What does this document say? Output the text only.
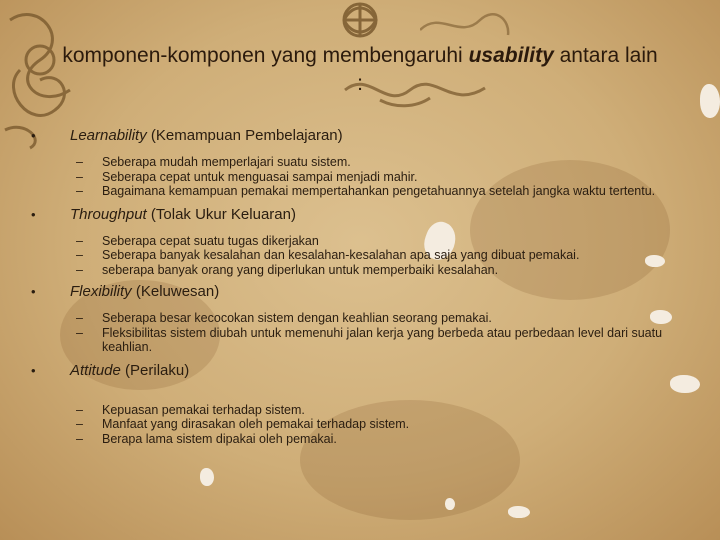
komponen-komponen yang membengaruhi usability antara lain
:
• Learnability (Kemampuan Pembelajaran)
– Seberapa mudah memperlajari suatu sistem.
– Seberapa cepat untuk menguasai sampai menjadi mahir.
– Bagaimana kemampuan pemakai mempertahankan pengetahuannya setelah jangka waktu tertentu.
• Throughput (Tolak Ukur Keluaran)
– Seberapa cepat suatu tugas dikerjakan
– Seberapa banyak kesalahan dan kesalahan-kesalahan apa saja yang dibuat pemakai.
– seberapa banyak orang yang diperlukan untuk memperbaiki kesalahan.
• Flexibility (Keluwesan)
– Seberapa besar kecocokan sistem dengan keahlian seorang pemakai.
– Fleksibilitas sistem diubah untuk memenuhi jalan kerja yang berbeda atau perbedaan level dari suatu keahlian.
• Attitude (Perilaku)
– Kepuasan pemakai terhadap sistem.
– Manfaat yang dirasakan oleh pemakai terhadap sistem.
– Berapa lama sistem dipakai oleh pemakai.
